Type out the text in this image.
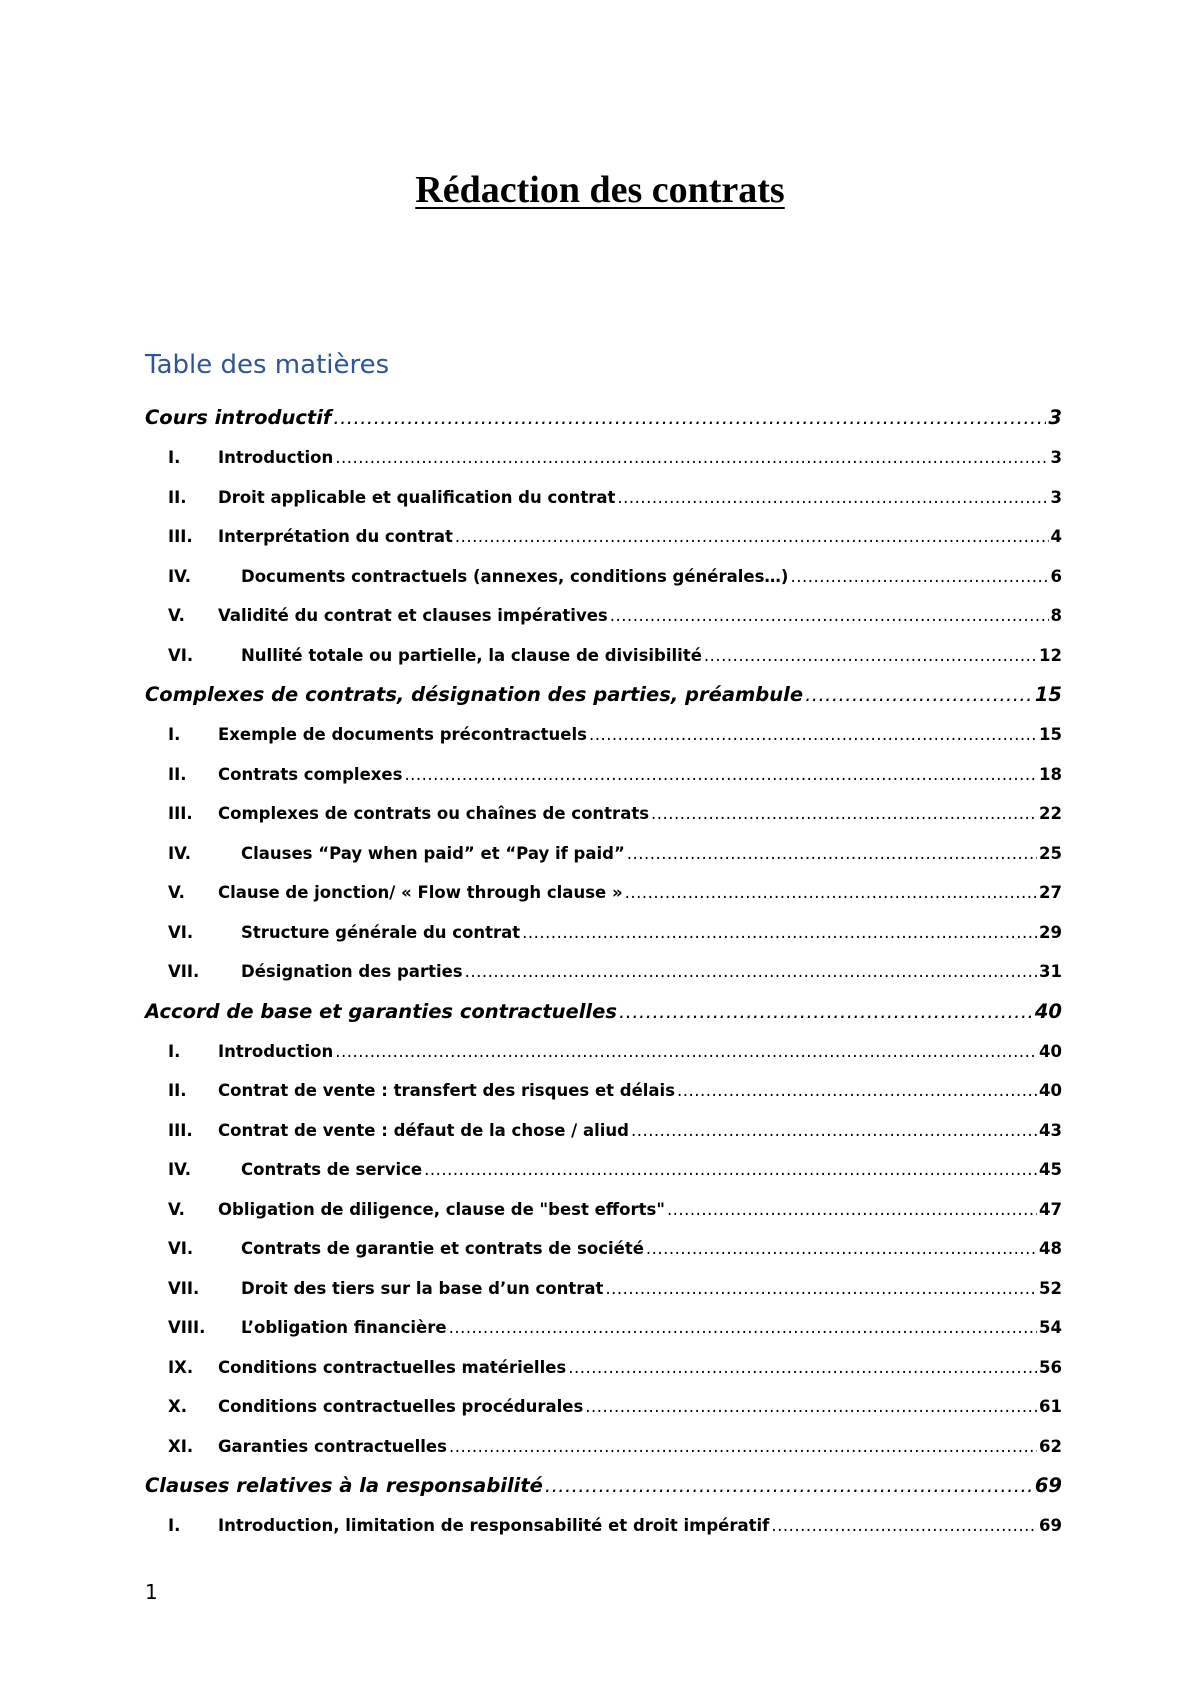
Rédaction des contrats
Table des matières
Cours introductif .....	3
I.	Introduction .....	3
II.	Droit applicable et qualification du contrat .....	3
III.	Interprétation du contrat .....	4
IV.	Documents contractuels (annexes, conditions générales…) .....	6
V.	Validité du contrat et clauses impératives .....	8
VI.	Nullité totale ou partielle, la clause de divisibilité .....	12
Complexes de contrats, désignation des parties, préambule .....	15
I.	Exemple de documents précontractuels .....	15
II.	Contrats complexes .....	18
III.	Complexes de contrats ou chaînes de contrats .....	22
IV.	Clauses “Pay when paid” et “Pay if paid” .....	25
V.	Clause de jonction/ « Flow through clause » .....	27
VI.	Structure générale du contrat .....	29
VII.	Désignation des parties .....	31
Accord de base et garanties contractuelles .....	40
I.	Introduction .....	40
II.	Contrat de vente : transfert des risques et délais .....	40
III.	Contrat de vente : défaut de la chose / aliud .....	43
IV.	Contrats de service .....	45
V.	Obligation de diligence, clause de "best efforts" .....	47
VI.	Contrats de garantie et contrats de société .....	48
VII.	Droit des tiers sur la base d’un contrat .....	52
VIII.	L’obligation financière .....	54
IX.	Conditions contractuelles matérielles .....	56
X.	Conditions contractuelles procédurales .....	61
XI.	Garanties contractuelles .....	62
Clauses relatives à la responsabilité .....	69
I.	Introduction, limitation de responsabilité et droit impératif .....	69
1
